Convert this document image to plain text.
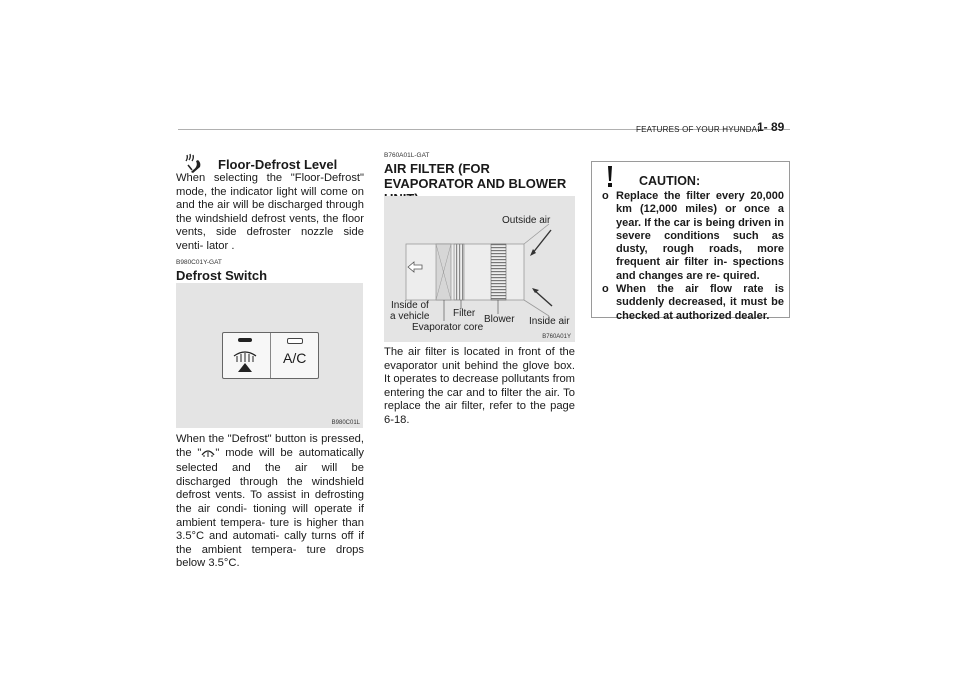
FEATURES OF YOUR HYUNDAI
1- 89
Floor-Defrost Level

When selecting the "Floor-Defrost" mode, the indicator light will come on and the air will be discharged through the windshield defrost vents, the floor vents, side defroster nozzle side venti- lator .

B980C01Y-GAT
Defrost Switch
A/C
B980C01L

When the "Defrost" button is pressed, the " " mode will be automatically selected and the air will be discharged through the windshield defrost vents. To assist in defrosting the air condi- tioning will operate if ambient tempera- ture is higher than 3.5°C and automati- cally turns off if the ambient tempera- ture drops below 3.5°C.

B760A01L-GAT
AIR FILTER (FOR EVAPORATOR AND BLOWER
Outside air
Inside of
a vehicle Filter
Blower Inside air
Evaporator core
B760A01Y

The air filter is located in front of the evaporator unit behind the glove box. It operates to decrease pollutants from entering the car and to filter the air. To replace the air filter, refer to the page 6-18.

CAUTION:
o Replace the filter every 20,000 km (12,000 miles) or once a year. If the car is being driven in severe conditions such as dusty, rough roads, more frequent air filter in- spections and changes are re- quired.
o When the air flow rate is suddenly decreased, it must be checked at authorized dealer.
